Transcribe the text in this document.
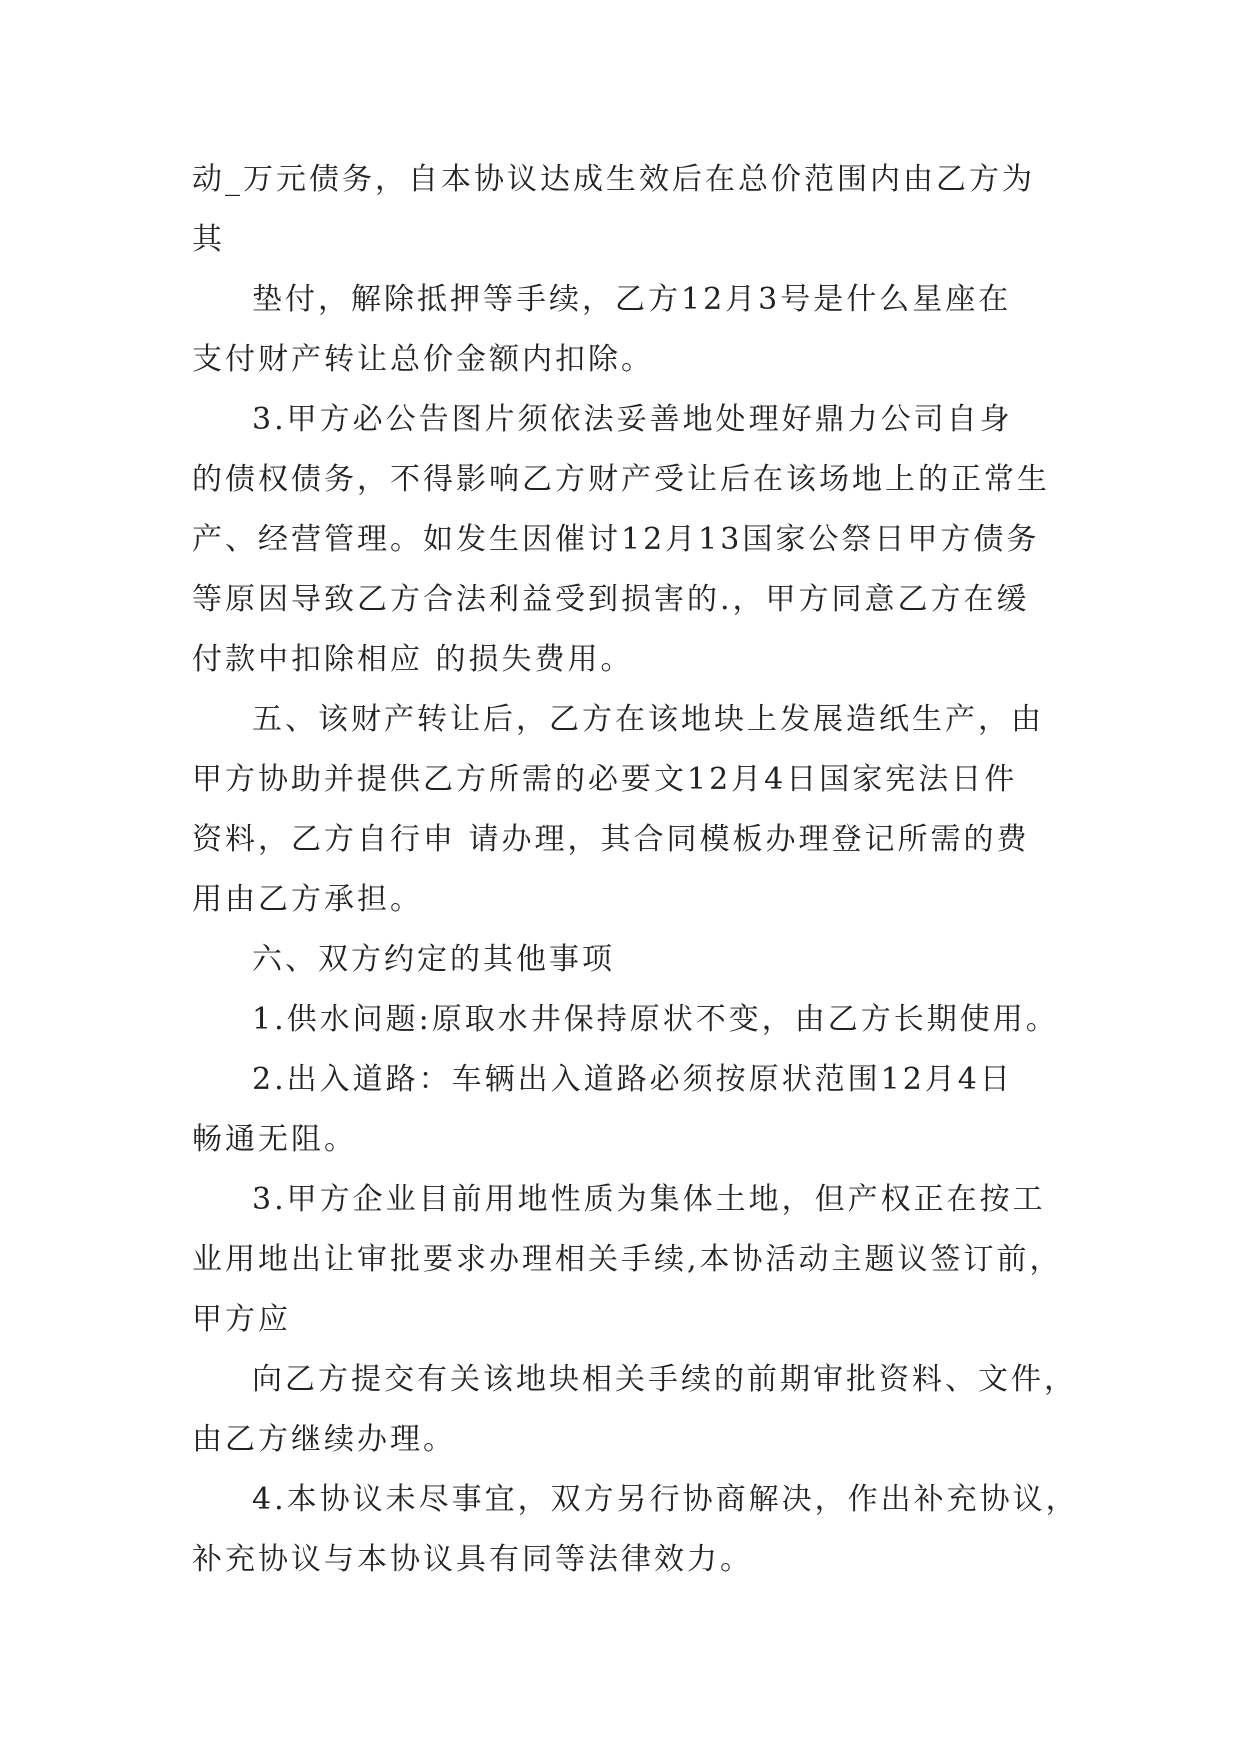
动_万元债务，自本协议达成生效后在总价范围内由乙方为
其
垫付，解除抵押等手续，乙方12月3号是什么星座在
支付财产转让总价金额内扣除。
3.甲方必公告图片须依法妥善地处理好鼎力公司自身
的债权债务，不得影响乙方财产受让后在该场地上的正常生
产、经营管理。如发生因催讨12月13国家公祭日甲方债务
等原因导致乙方合法利益受到损害的.，甲方同意乙方在缓
付款中扣除相应 的损失费用。
五、该财产转让后，乙方在该地块上发展造纸生产，由
甲方协助并提供乙方所需的必要文12月4日国家宪法日件
资料，乙方自行申 请办理，其合同模板办理登记所需的费
用由乙方承担。
六、双方约定的其他事项
1.供水问题:原取水井保持原状不变，由乙方长期使用。
2.出入道路：车辆出入道路必须按原状范围12月4日
畅通无阻。
3.甲方企业目前用地性质为集体土地，但产权正在按工
业用地出让审批要求办理相关手续,本协活动主题议签订前，
甲方应
向乙方提交有关该地块相关手续的前期审批资料、文件，
由乙方继续办理。
4.本协议未尽事宜，双方另行协商解决，作出补充协议，
补充协议与本协议具有同等法律效力。
